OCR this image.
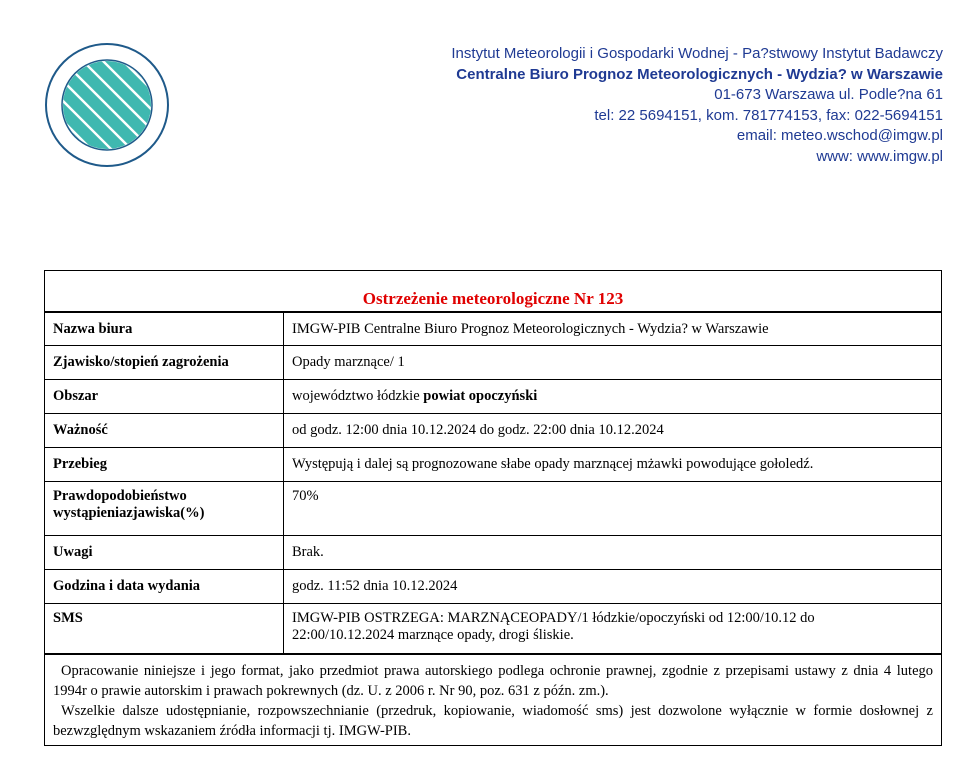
Instytut Meteorologii i Gospodarki Wodnej - Pa?stwowy Instytut Badawczy
Centralne Biuro Prognoz Meteorologicznych - Wydzia? w Warszawie
01-673 Warszawa ul. Podle?na 61
tel: 22 5694151, kom. 781774153, fax: 022-5694151
email: meteo.wschod@imgw.pl
www: www.imgw.pl
Ostrzeżenie meteorologiczne Nr 123
Nazwa biura	IMGW-PIB Centralne Biuro Prognoz Meteorologicznych - Wydzia? w Warszawie
Zjawisko/stopień zagrożenia	Opady marznące/ 1
Obszar	województwo łódzkie powiat opoczyński
Ważność	od godz. 12:00 dnia 10.12.2024 do godz. 22:00 dnia 10.12.2024
Przebieg	Występują i dalej są prognozowane słabe opady marznącej mżawki powodujące gołoledź.

Prawdopodobieństwo
wystąpieniazjawiska(%)	70%
Uwagi	Brak.
Godzina i data wydania	godz. 11:52 dnia 10.12.2024
SMS	IMGW-PIB OSTRZEGA: MARZNĄCEOPADY/1 łódzkie/opoczyński od 12:00/10.12 do
22:00/10.12.2024 marznące opady, drogi śliskie.

Opracowanie niniejsze i jego format, jako przedmiot prawa autorskiego podlega ochronie prawnej, zgodnie z przepisami ustawy z dnia 4 lutego 1994r o prawie autorskim i prawach pokrewnych (dz. U. z 2006 r. Nr 90, poz. 631 z późn. zm.).

Wszelkie dalsze udostępnianie, rozpowszechnianie (przedruk, kopiowanie, wiadomość sms) jest dozwolone wyłącznie w formie dosłownej z bezwzględnym wskazaniem źródła informacji tj. IMGW-PIB.
